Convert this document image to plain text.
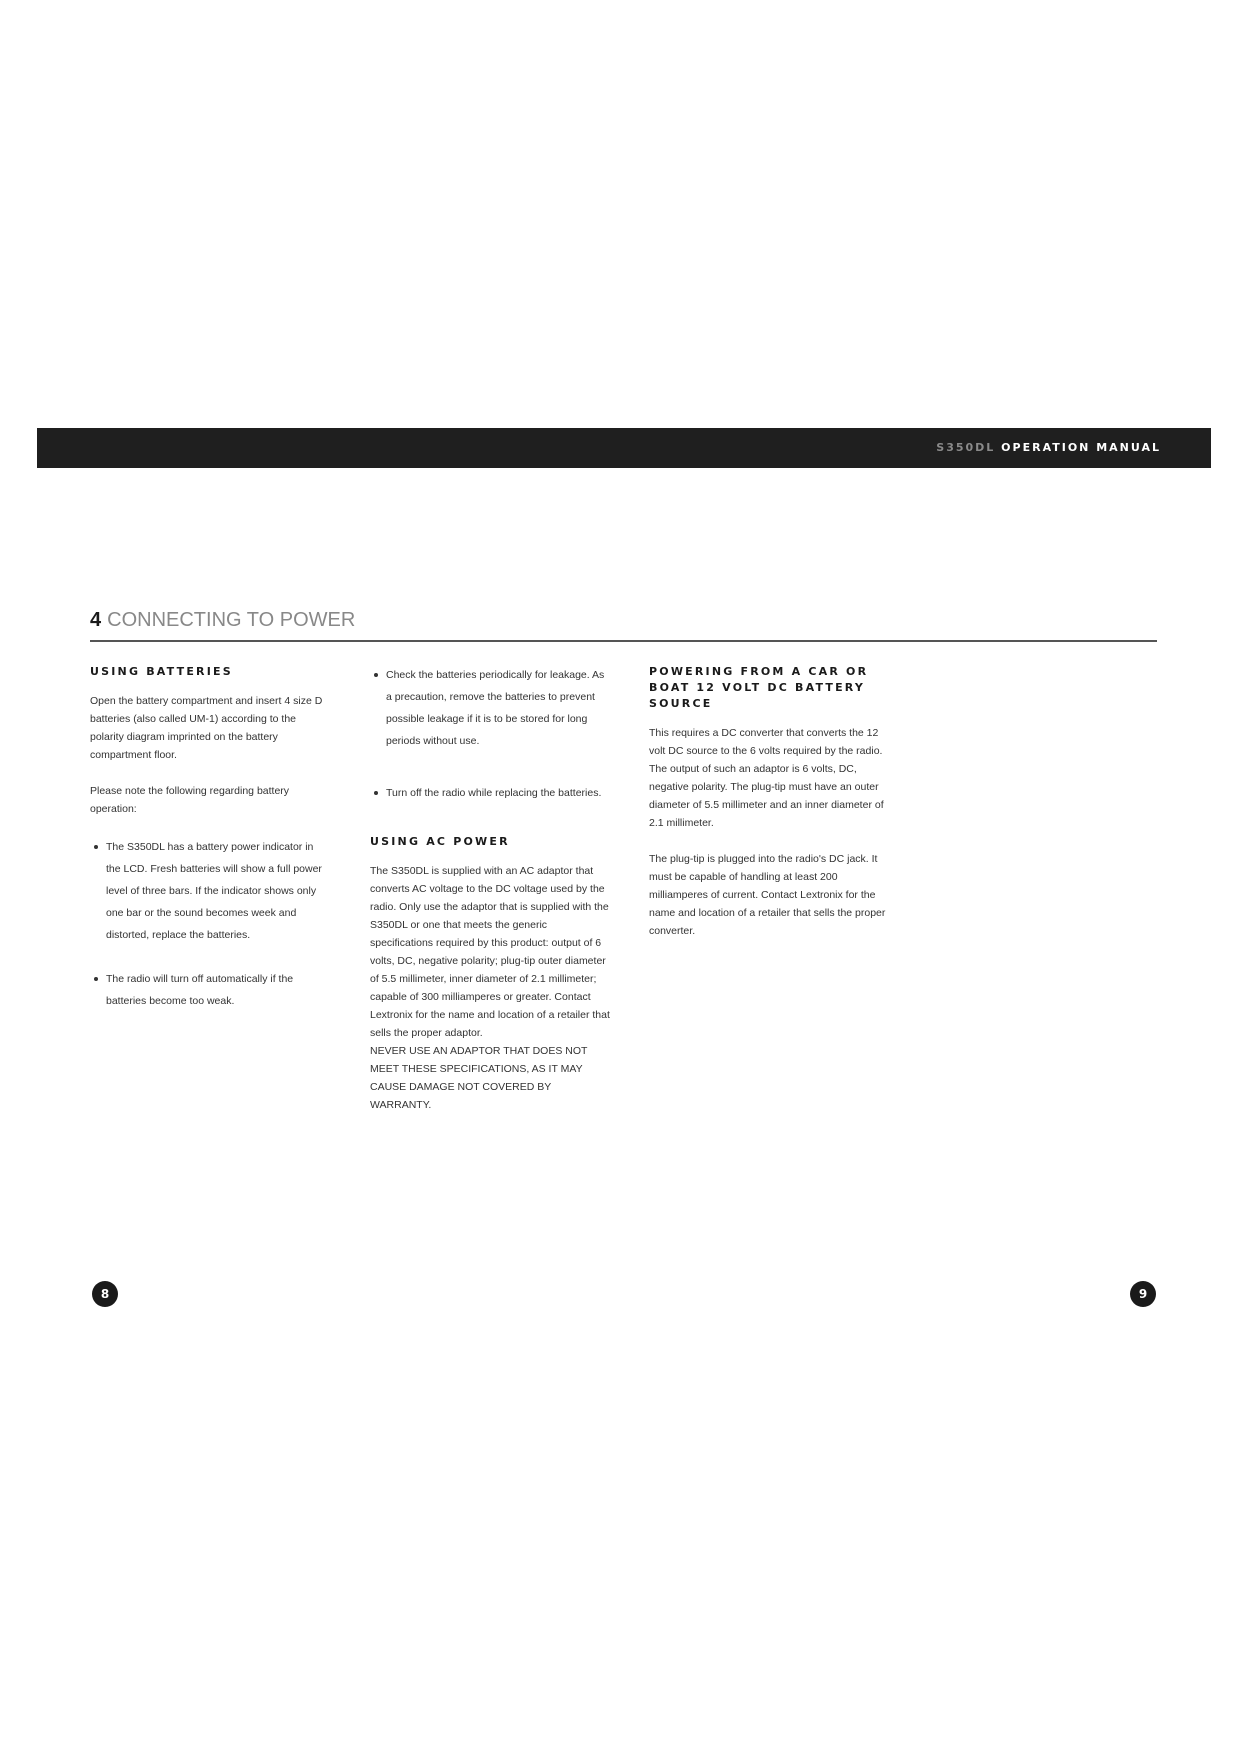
S350DL OPERATION MANUAL
4 CONNECTING TO POWER
USING BATTERIES

Open the battery compartment and insert 4 size D batteries (also called UM-1) according to the polarity diagram imprinted on the battery compartment floor.

Please note the following regarding battery operation:

The S350DL has a battery power indicator in the LCD. Fresh batteries will show a full power level of three bars. If the indicator shows only one bar or the sound becomes week and distorted, replace the batteries.
The radio will turn off automatically if the batteries become too weak.
Check the batteries periodically for leakage. As a precaution, remove the batteries to prevent possible leakage if it is to be stored for long periods without use.
Turn off the radio while replacing the batteries.
USING AC POWER

The S350DL is supplied with an AC adaptor that converts AC voltage to the DC voltage used by the radio. Only use the adaptor that is supplied with the S350DL or one that meets the generic specifications required by this product: output of 6 volts, DC, negative polarity; plug-tip outer diameter of 5.5 millimeter, inner diameter of 2.1 millimeter; capable of 300 milliamperes or greater. Contact Lextronix for the name and location of a retailer that sells the proper adaptor.

NEVER USE AN ADAPTOR THAT DOES NOT MEET THESE SPECIFICATIONS, AS IT MAY CAUSE DAMAGE NOT COVERED BY WARRANTY.

POWERING FROM A CAR OR BOAT 12 VOLT DC BATTERY SOURCE

This requires a DC converter that converts the 12 volt DC source to the 6 volts required by the radio. The output of such an adaptor is 6 volts, DC, negative polarity. The plug-tip must have an outer diameter of 5.5 millimeter and an inner diameter of 2.1 millimeter.

The plug-tip is plugged into the radio's DC jack. It must be capable of handling at least 200 milliamperes of current. Contact Lextronix for the name and location of a retailer that sells the proper converter.

8	9
